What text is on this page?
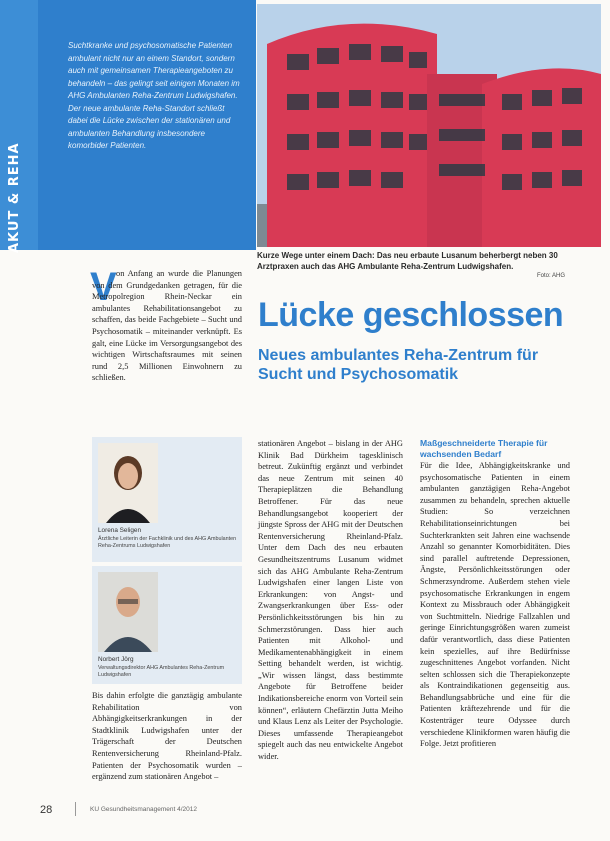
AKUT & REHA

Suchtkranke und psychosomatische Patienten ambulant nicht nur an einem Standort, sondern auch mit gemeinsamen Therapieangeboten zu behandeln – das gelingt seit einigen Monaten im AHG Ambulanten Reha-Zentrum Ludwigshafen. Der neue ambulante Reha-Standort schließt dabei die Lücke zwischen der stationären und ambulanten Behandlung insbesondere komorbider Patienten.

Kurze Wege unter einem Dach: Das neu erbaute Lusanum beherbergt neben 30 Arztpraxen auch das AHG Ambulante Reha-Zentrum Ludwigshafen.
Foto: AHG
Lücke geschlossen
Neues ambulantes Reha-Zentrum für Sucht und Psychosomatik
V on Anfang an wurde die Planungen von dem Grundgedanken getragen, für die Metropolregion Rhein-Neckar ein ambulantes Rehabilitationsangebot zu schaffen, das beide Fachgebiete – Sucht und Psychosomatik – miteinander verknüpft. Es galt, eine Lücke im Versorgungsangebot des wichtigen Wirtschaftsraumes mit seinen rund 2,5 Millionen Einwohnern zu schließen.

Lorena Seligen
Ärztliche Leiterin der Fachklinik und des AHG Ambulanten Reha-Zentrums Ludwigshafen
Norbert Jörg
Verwaltungsdirektor AHG Ambulantes Reha-Zentrum Ludwigshafen
Bis dahin erfolgte die ganztägig ambulante Rehabilitation von Abhängigkeitserkrankungen in der Stadtklinik Ludwigshafen unter der Trägerschaft der Deutschen Rentenversicherung Rheinland-Pfalz. Patienten der Psychosomatik wurden – ergänzend zum stationären Angebot –
stationären Angebot – bislang in der AHG Klinik Bad Dürkheim tagesklinisch betreut. Zukünftig ergänzt und verbindet das neue Zentrum mit seinen 40 Therapieplätzen die Behandlung Betroffener. Für das neue Behandlungsangebot kooperiert der jüngste Spross der AHG mit der Deutschen Rentenversicherung Rheinland-Pfalz. Unter dem Dach des neu erbauten Gesundheitszentrums Lusanum widmet sich das AHG Ambulante Reha-Zentrum Ludwigshafen einer langen Liste von Erkrankungen: von Angst- und Zwangserkrankungen über Ess- oder Persönlichkeitsstörungen bis hin zu Schmerzstörungen. Dass hier auch Patienten mit Alkohol- und Medikamentenabhängigkeit in einem Setting behandelt werden, ist wichtig. „Wir wissen längst, dass bestimmte Angebote für Betroffene beider Indikationsbereiche enorm von Vorteil sein können“, erläutern Chefärztin Jutta Meiho und Klaus Lenz als Leiter der Psychologie. Dieses umfassende Therapieangebot spiegelt auch das neu entwickelte Angebot wider.
Maßgeschneiderte Therapie für wachsenden Bedarf
Für die Idee, Abhängigkeitskranke und psychosomatische Patienten in einem ambulanten ganztägigen Reha-Angebot zusammen zu behandeln, sprechen aktuelle Studien: So verzeichnen Rehabilitationseinrichtungen bei Suchterkrankten seit Jahren eine wachsende Anzahl so genannter Komorbiditäten. Dies sind parallel auftretende Depressionen, Ängste, Persönlichkeitsstörungen oder Schmerzsyndrome. Außerdem stehen viele psychosomatische Erkrankungen in engem Kontext zu Missbrauch oder Abhängigkeit von Suchtmitteln. Niedrige Fallzahlen und geringe Einrichtungsgrößen waren zumeist dafür verantwortlich, dass diese Patienten kein spezielles, auf ihre Bedürfnisse zugeschnittenes Angebot vorfanden. Nicht selten schlossen sich die Therapiekonzepte als Kontraindikationen gegenseitig aus. Behandlungsabbrüche und eine für die Patienten kräftezehrende und für die Kostenträger teure Odyssee durch verschiedene Klinikformen waren häufig die Folge. Jetzt profitieren
28	KU Gesundheitsmanagement 4/2012
